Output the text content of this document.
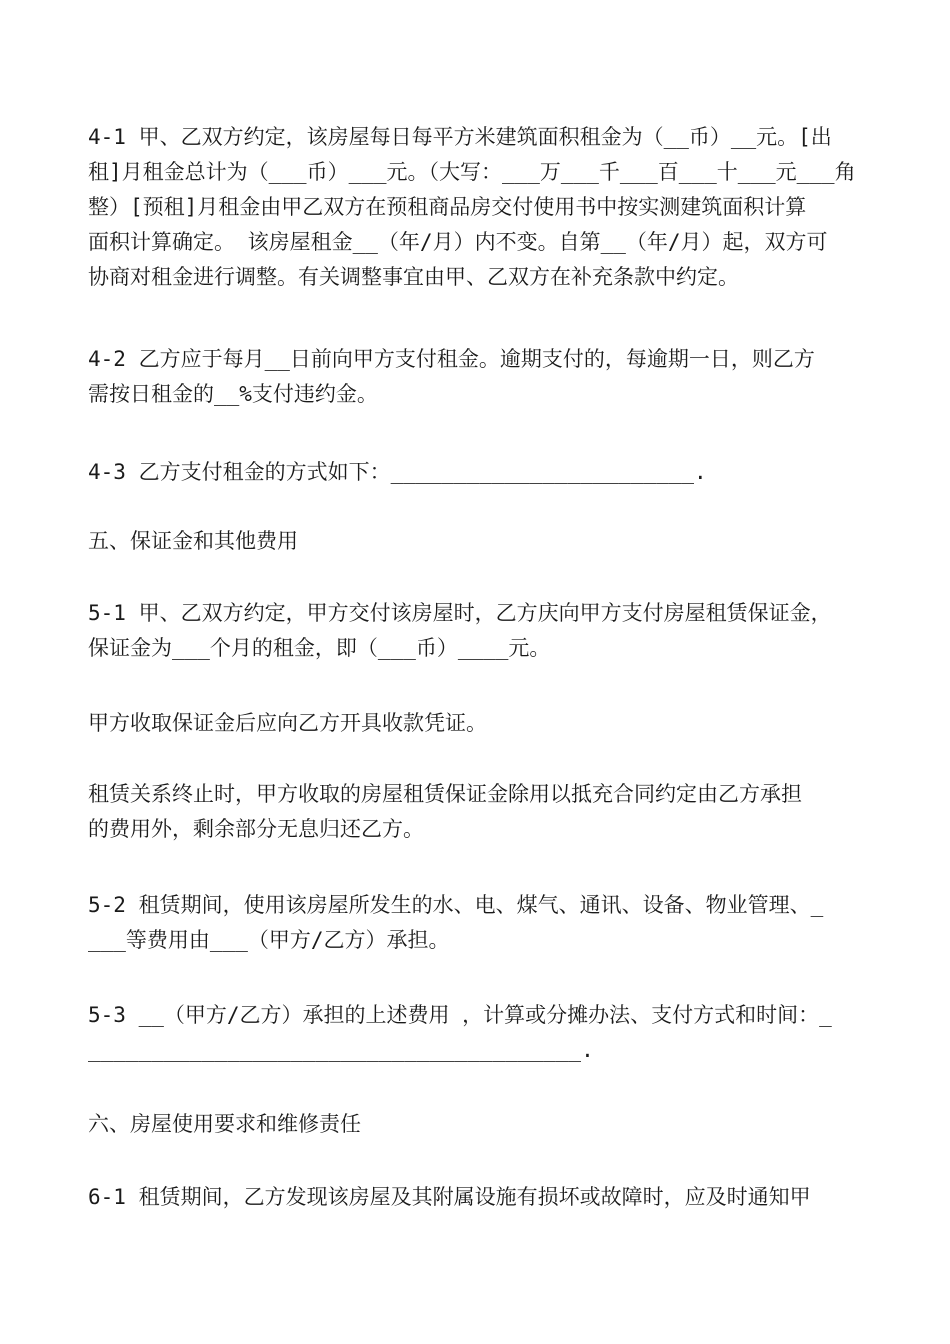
4-1 甲、乙双方约定，该房屋每日每平方米建筑面积租金为（__币）__元。[出
租]月租金总计为（___币）___元。（大写：___万___千___百___十___元___角
整）[预租]月租金由甲乙双方在预租商品房交付使用书中按实测建筑面积计算
面积计算确定。 该房屋租金__（年/月）内不变。自第__（年/月）起，双方可
协商对租金进行调整。有关调整事宜由甲、乙双方在补充条款中约定。
4-2 乙方应于每月__日前向甲方支付租金。逾期支付的，每逾期一日，则乙方
需按日租金的__%支付违约金。
4-3 乙方支付租金的方式如下：________________________.
五、保证金和其他费用
5-1 甲、乙双方约定，甲方交付该房屋时，乙方庆向甲方支付房屋租赁保证金，
保证金为___个月的租金，即（___币）____元。
甲方收取保证金后应向乙方开具收款凭证。
租赁关系终止时，甲方收取的房屋租赁保证金除用以抵充合同约定由乙方承担
的费用外，剩余部分无息归还乙方。
5-2 租赁期间，使用该房屋所发生的水、电、煤气、通讯、设备、物业管理、_
___等费用由___（甲方/乙方）承担。
5-3 __（甲方/乙方）承担的上述费用 ，计算或分摊办法、支付方式和时间：_
_______________________________________.
六、房屋使用要求和维修责任
6-1 租赁期间，乙方发现该房屋及其附属设施有损坏或故障时，应及时通知甲
